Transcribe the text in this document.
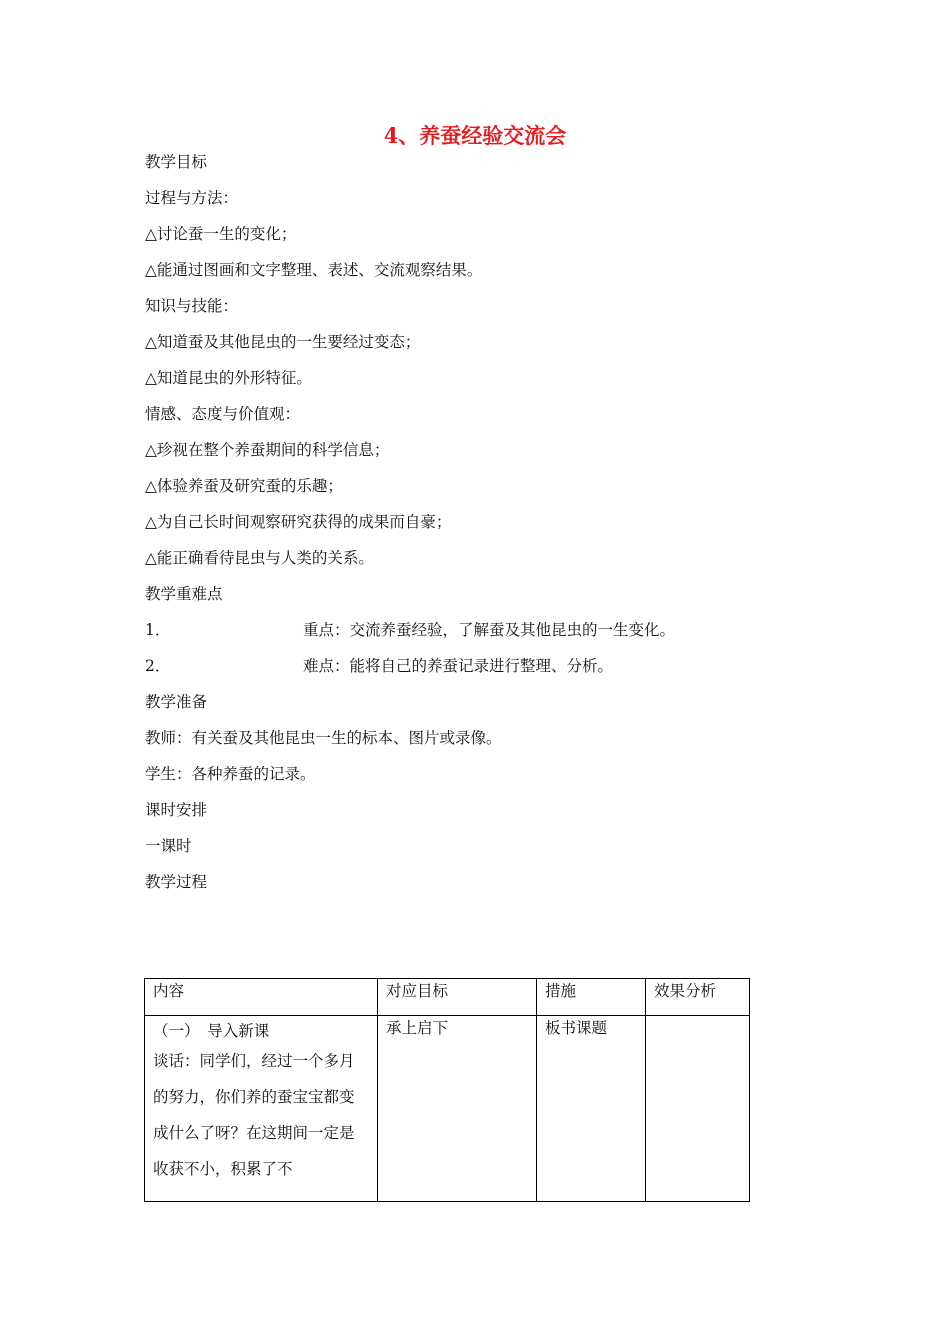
4、养蚕经验交流会
教学目标
过程与方法：
△讨论蚕一生的变化；
△能通过图画和文字整理、表述、交流观察结果。
知识与技能：
△知道蚕及其他昆虫的一生要经过变态；
△知道昆虫的外形特征。
情感、态度与价值观：
△珍视在整个养蚕期间的科学信息；
△体验养蚕及研究蚕的乐趣；
△为自己长时间观察研究获得的成果而自豪；
△能正确看待昆虫与人类的关系。
教学重难点
1．	重点：交流养蚕经验，了解蚕及其他昆虫的一生变化。
2．	难点：能将自己的养蚕记录进行整理、分析。
教学准备
教师：有关蚕及其他昆虫一生的标本、图片或录像。
学生：各种养蚕的记录。
课时安排
一课时
教学过程
内容	对应目标	措施	效果分析

（一）　导入新课
谈话：同学们，经过一个多月的努力，你们养的蚕宝宝都变成什么了呀？在这期间一定是收获不小，积累了不	承上启下	板书课题	
